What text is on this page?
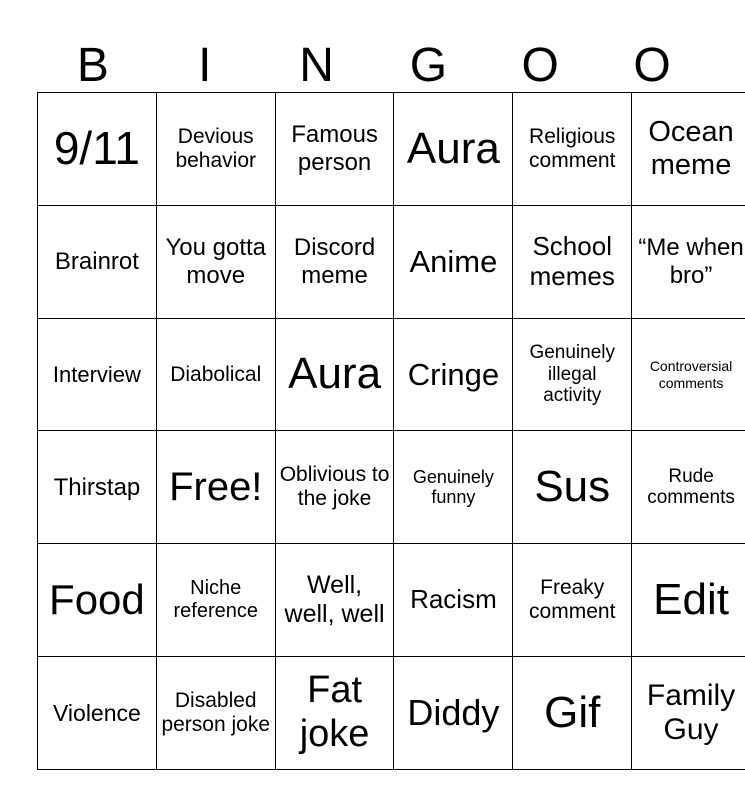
B	I	N	G	O	O
9/11	Devious behavior	Famous person	Aura	Religious comment	Ocean meme
Brainrot	You gotta move	Discord meme	Anime	School memes	“Me when bro”
Interview	Diabolical	Aura	Cringe	Genuinely illegal activity	Controversial comments
Thirstap	Free!	Oblivious to the joke	Genuinely funny	Sus	Rude comments
Food	Niche reference	Well, well, well	Racism	Freaky comment	Edit
Violence	Disabled person joke	Fat joke	Diddy	Gif	Family Guy
